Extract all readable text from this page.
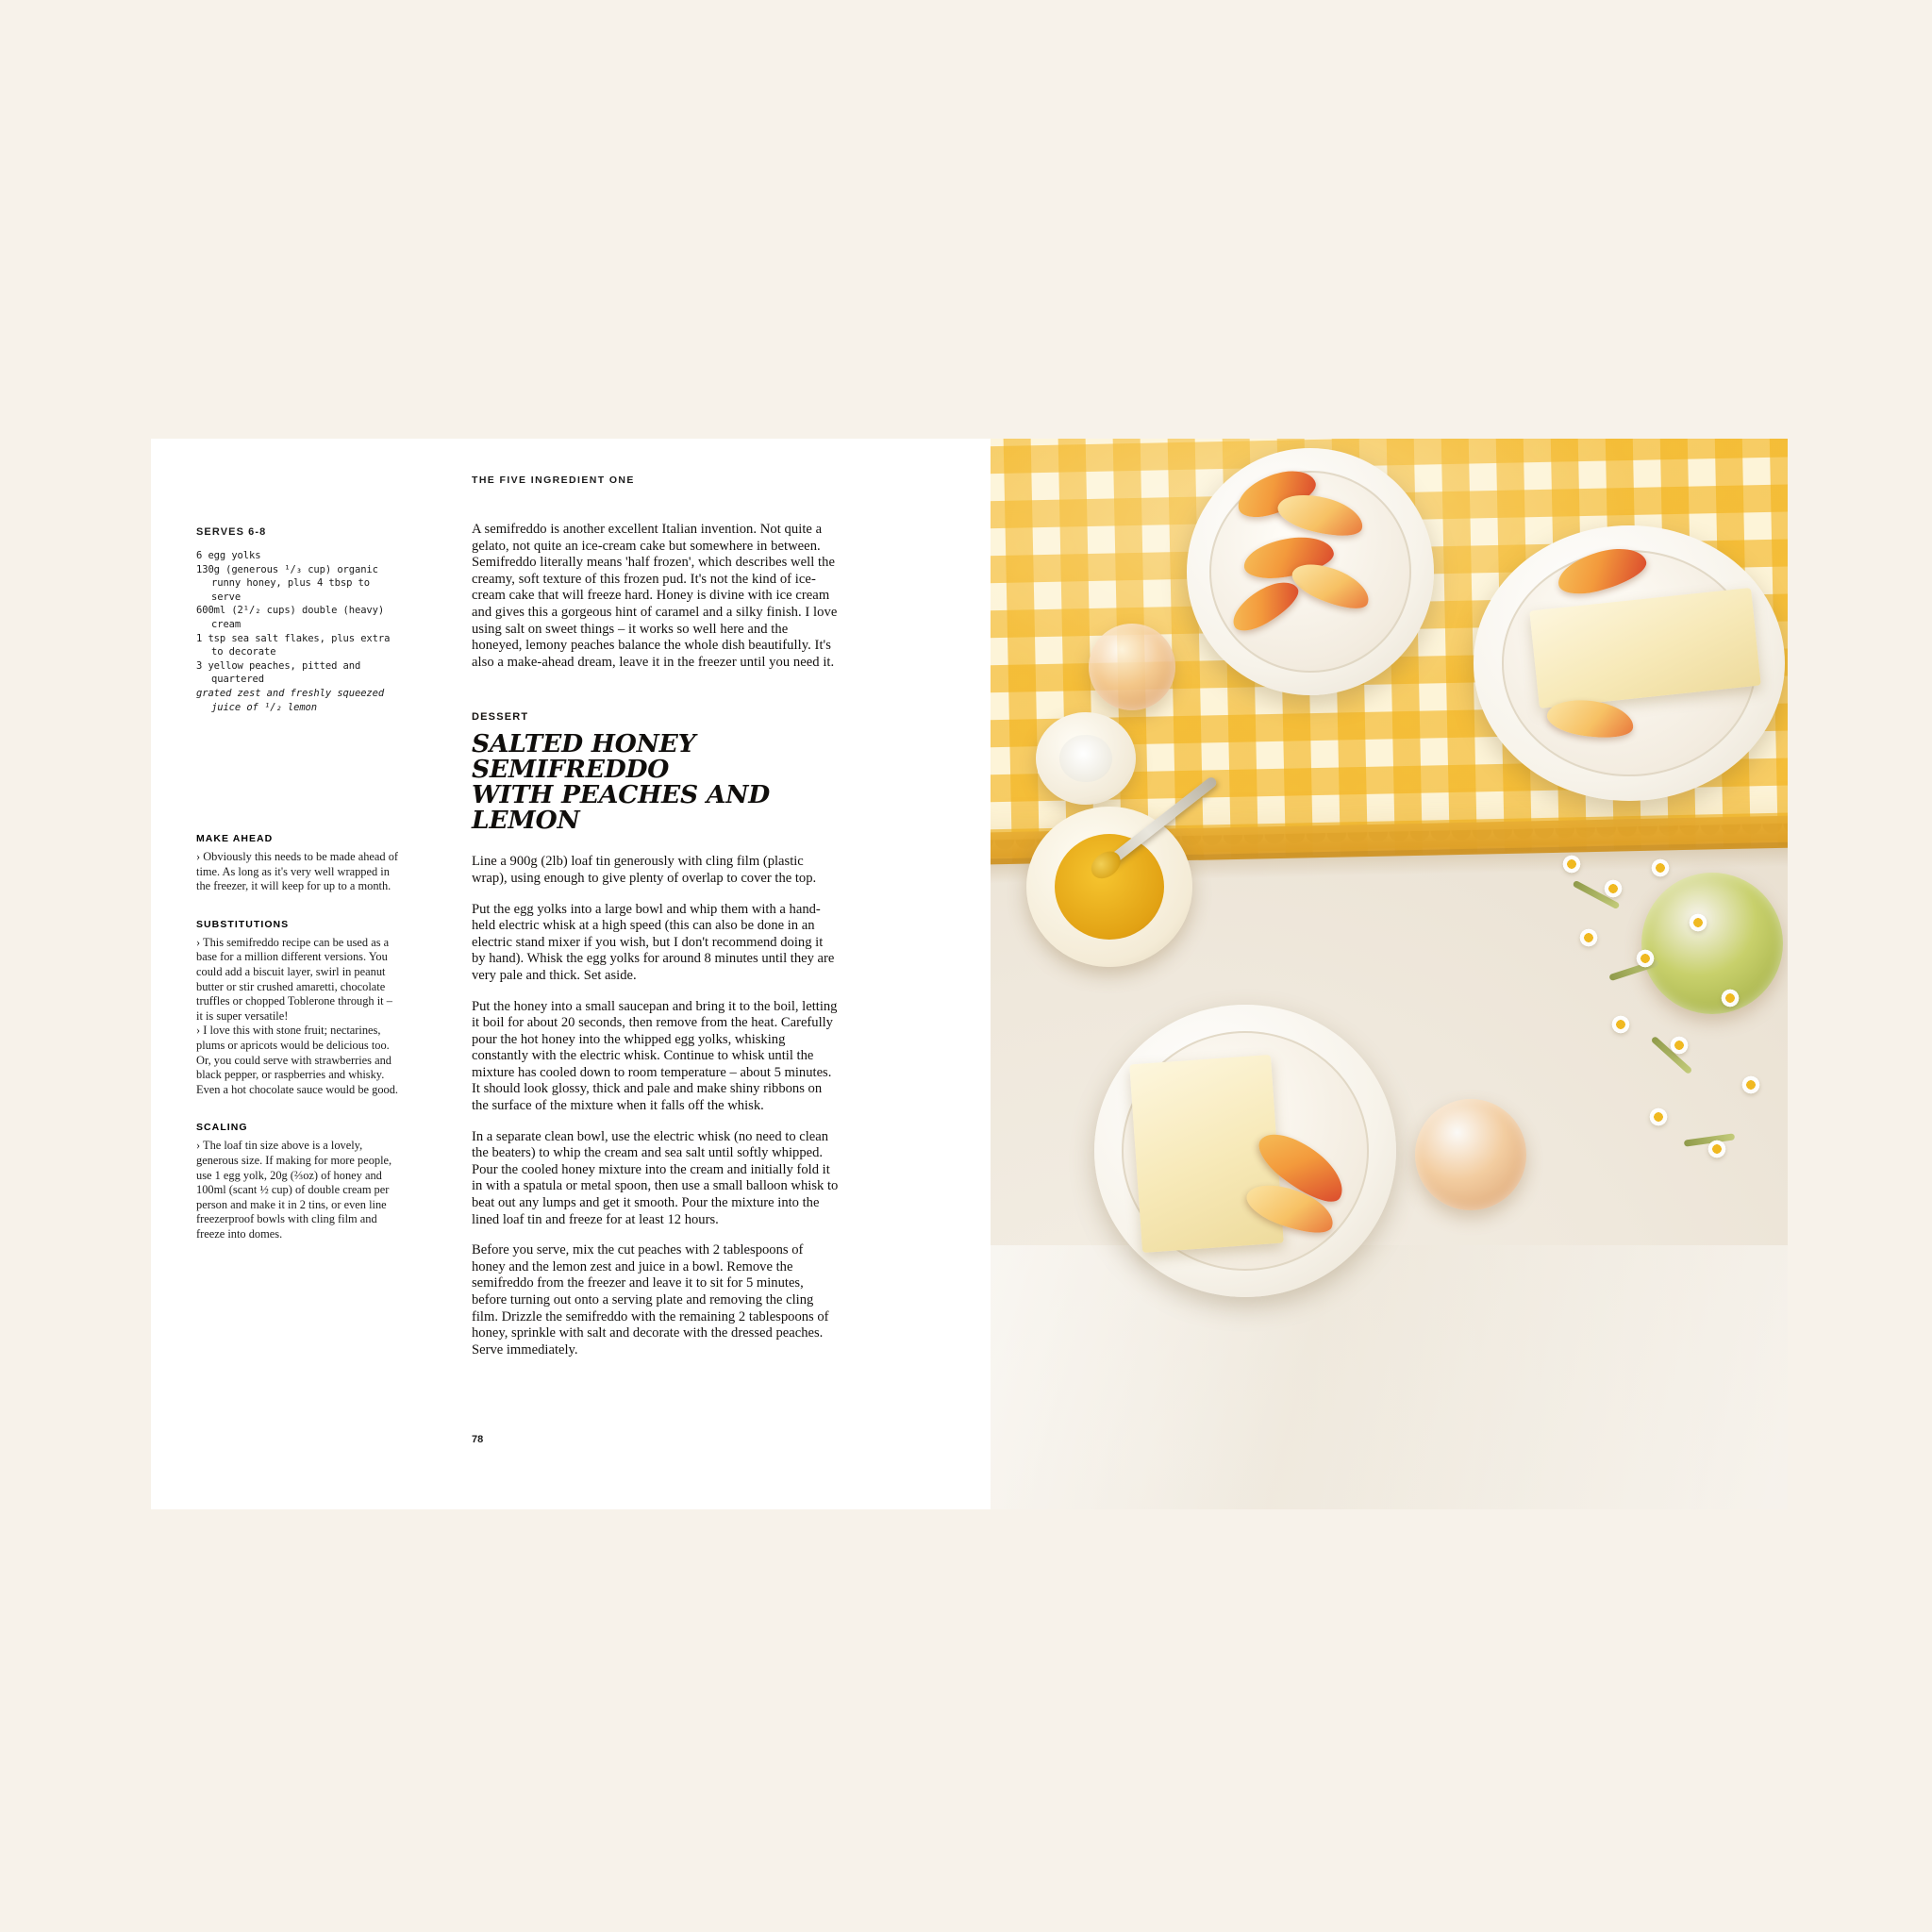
THE FIVE INGREDIENT ONE
SERVES 6-8
6 egg yolks
130g (generous ¹/₃ cup) organic
runny honey, plus 4 tbsp to
serve
600ml (2¹/₂ cups) double (heavy)
cream
1 tsp sea salt flakes, plus extra
to decorate
3 yellow peaches, pitted and
quartered
grated zest and freshly squeezed
juice of ¹/₂ lemon
MAKE AHEAD

› Obviously this needs to be made ahead of time. As long as it's very well wrapped in the freezer, it will keep for up to a month.

SUBSTITUTIONS

› This semifreddo recipe can be used as a base for a million different versions. You could add a biscuit layer, swirl in peanut butter or stir crushed amaretti, chocolate truffles or chopped Toblerone through it – it is super versatile!

› I love this with stone fruit; nectarines, plums or apricots would be delicious too. Or, you could serve with strawberries and black pepper, or raspberries and whisky. Even a hot chocolate sauce would be good.

SCALING

› The loaf tin size above is a lovely, generous size. If making for more people, use 1 egg yolk, 20g (⅔oz) of honey and 100ml (scant ½ cup) of double cream per person and make it in 2 tins, or even line freezerproof bowls with cling film and freeze into domes.

A semifreddo is another excellent Italian invention. Not quite a gelato, not quite an ice-cream cake but somewhere in between. Semifreddo literally means 'half frozen', which describes well the creamy, soft texture of this frozen pud. It's not the kind of ice-cream cake that will freeze hard. Honey is divine with ice cream and gives this a gorgeous hint of caramel and a silky finish. I love using salt on sweet things – it works so well here and the honeyed, lemony peaches balance the whole dish beautifully. It's also a make-ahead dream, leave it in the freezer until you need it.

DESSERT
SALTED HONEY SEMIFREDDO
WITH PEACHES AND LEMON

Line a 900g (2lb) loaf tin generously with cling film (plastic wrap), using enough to give plenty of overlap to cover the top.

Put the egg yolks into a large bowl and whip them with a hand-held electric whisk at a high speed (this can also be done in an electric stand mixer if you wish, but I don't recommend doing it by hand). Whisk the egg yolks for around 8 minutes until they are very pale and thick. Set aside.

Put the honey into a small saucepan and bring it to the boil, letting it boil for about 20 seconds, then remove from the heat. Carefully pour the hot honey into the whipped egg yolks, whisking constantly with the electric whisk. Continue to whisk until the mixture has cooled down to room temperature – about 5 minutes. It should look glossy, thick and pale and make shiny ribbons on the surface of the mixture when it falls off the whisk.

In a separate clean bowl, use the electric whisk (no need to clean the beaters) to whip the cream and sea salt until softly whipped. Pour the cooled honey mixture into the cream and initially fold it in with a spatula or metal spoon, then use a small balloon whisk to beat out any lumps and get it smooth. Pour the mixture into the lined loaf tin and freeze for at least 12 hours.

Before you serve, mix the cut peaches with 2 tablespoons of honey and the lemon zest and juice in a bowl. Remove the semifreddo from the freezer and leave it to sit for 5 minutes, before turning out onto a serving plate and removing the cling film. Drizzle the semifreddo with the remaining 2 tablespoons of honey, sprinkle with salt and decorate with the dressed peaches. Serve immediately.

78
